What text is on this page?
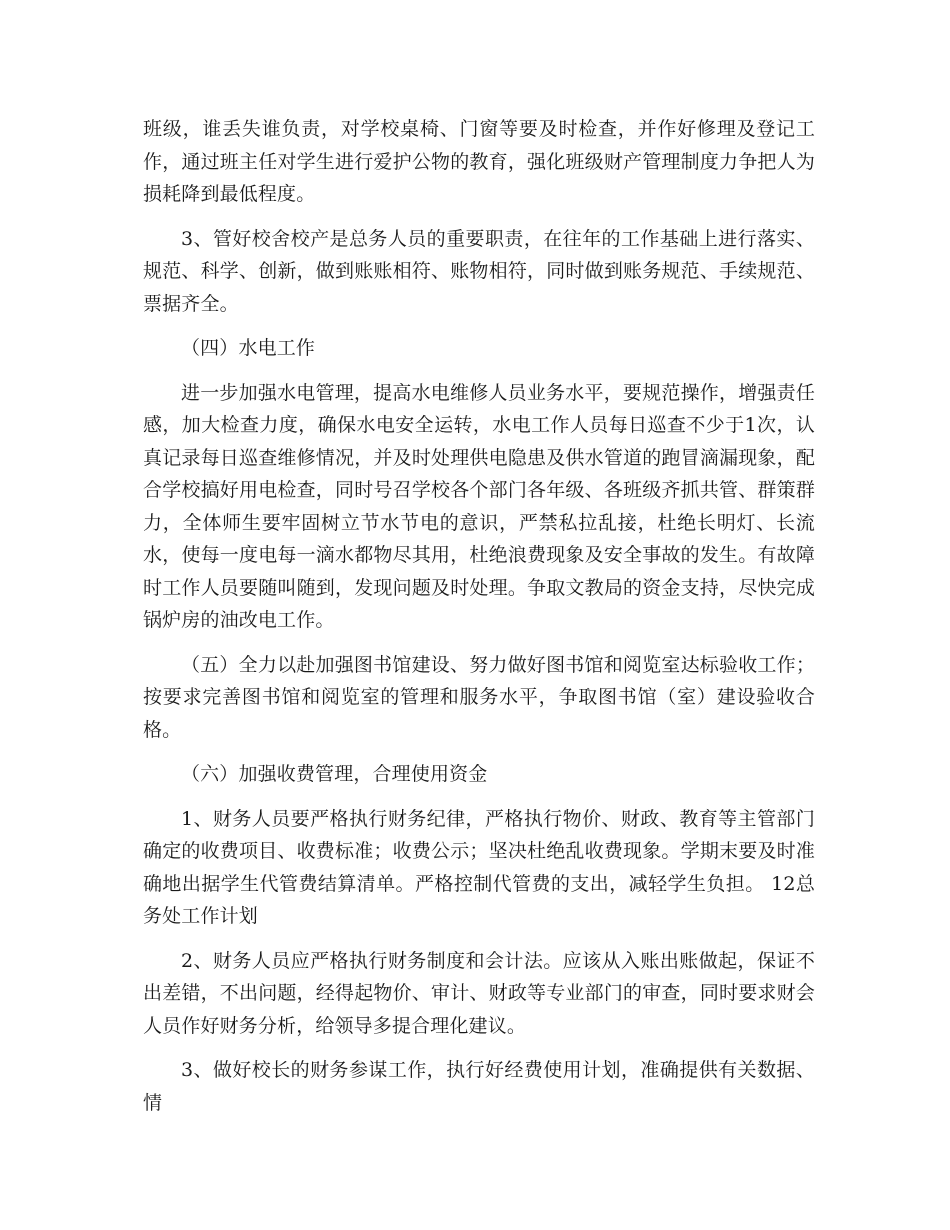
班级，谁丢失谁负责，对学校桌椅、门窗等要及时检查，并作好修理及登记工作，通过班主任对学生进行爱护公物的教育，强化班级财产管理制度力争把人为损耗降到最低程度。

3、管好校舍校产是总务人员的重要职责，在往年的工作基础上进行落实、规范、科学、创新，做到账账相符、账物相符，同时做到账务规范、手续规范、票据齐全。

（四）水电工作

进一步加强水电管理，提高水电维修人员业务水平，要规范操作，增强责任感，加大检查力度，确保水电安全运转，水电工作人员每日巡查不少于1次，认真记录每日巡查维修情况，并及时处理供电隐患及供水管道的跑冒滴漏现象，配合学校搞好用电检查，同时号召学校各个部门各年级、各班级齐抓共管、群策群力，全体师生要牢固树立节水节电的意识，严禁私拉乱接，杜绝长明灯、长流水，使每一度电每一滴水都物尽其用，杜绝浪费现象及安全事故的发生。有故障时工作人员要随叫随到，发现问题及时处理。争取文教局的资金支持，尽快完成锅炉房的油改电工作。

（五）全力以赴加强图书馆建设、努力做好图书馆和阅览室达标验收工作；按要求完善图书馆和阅览室的管理和服务水平，争取图书馆（室）建设验收合格。

（六）加强收费管理，合理使用资金

1、财务人员要严格执行财务纪律，严格执行物价、财政、教育等主管部门确定的收费项目、收费标准；收费公示；坚决杜绝乱收费现象。学期末要及时准确地出据学生代管费结算清单。严格控制代管费的支出，减轻学生负担。 12总务处工作计划

2、财务人员应严格执行财务制度和会计法。应该从入账出账做起，保证不出差错，不出问题，经得起物价、审计、财政等专业部门的审查，同时要求财会人员作好财务分析，给领导多提合理化建议。

3、做好校长的财务参谋工作，执行好经费使用计划，准确提供有关数据、情
